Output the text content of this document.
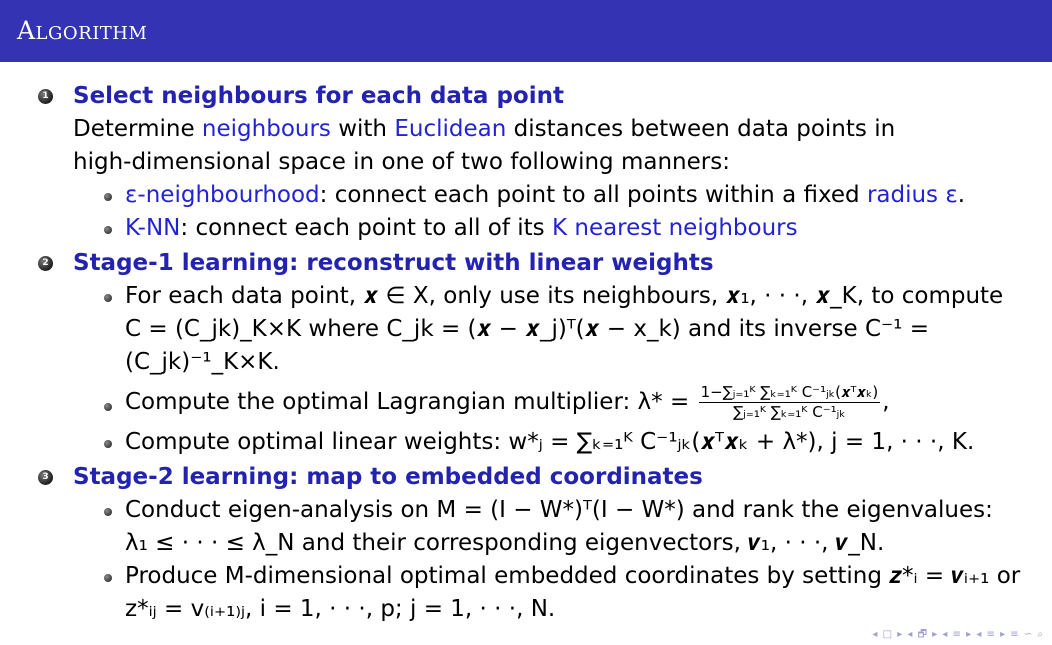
Algorithm
1 Select neighbours for each data point
Determine neighbours with Euclidean distances between data points in
high-dimensional space in one of two following manners:
ε-neighbourhood: connect each point to all points within a fixed radius ε.
K-NN: connect each point to all of its K nearest neighbours
2 Stage-1 learning: reconstruct with linear weights
For each data point, 𝒙 ∈ X, only use its neighbours, 𝒙₁, · · ·, 𝒙_K, to compute
C = (C_jk)_K×K where C_jk = (𝒙 − 𝒙_j)ᵀ(𝒙 − x_k) and its inverse C⁻¹ = (C_jk)⁻¹_K×K.
Compute the optimal Lagrangian multiplier: $\lambda* = \frac{\text{1−∑ⱼ₌₁ᴷ ∑ₖ₌₁ᴷ C⁻¹ⱼₖ(𝒙ᵀ𝒙ₖ)}}{\text{∑ⱼ₌₁ᴷ ∑ₖ₌₁ᴷ C⁻¹ⱼₖ}}$ ,
Compute optimal linear weights: w*ⱼ = ∑ₖ₌₁ᴷ C⁻¹ⱼₖ(𝒙ᵀ𝒙ₖ + λ*), j = 1, · · ·, K.
3 Stage-2 learning: map to embedded coordinates
Conduct eigen-analysis on M = (I − W*)ᵀ(I − W*) and rank the eigenvalues:
λ₁ ≤ · · · ≤ λ_N and their corresponding eigenvectors, 𝒗₁, · · ·, 𝒗_N.
Produce M-dimensional optimal embedded coordinates by setting 𝒛*ᵢ = 𝒗ᵢ₊₁ or
z*ᵢⱼ = v₍ᵢ₊₁₎ⱼ, i = 1, · · ·, p; j = 1, · · ·, N.
◂ □ ▸ ◂ 🗗 ▸ ◂ ≡ ▸ ◂ ≡ ▸ ≡ ∽ ⌕
